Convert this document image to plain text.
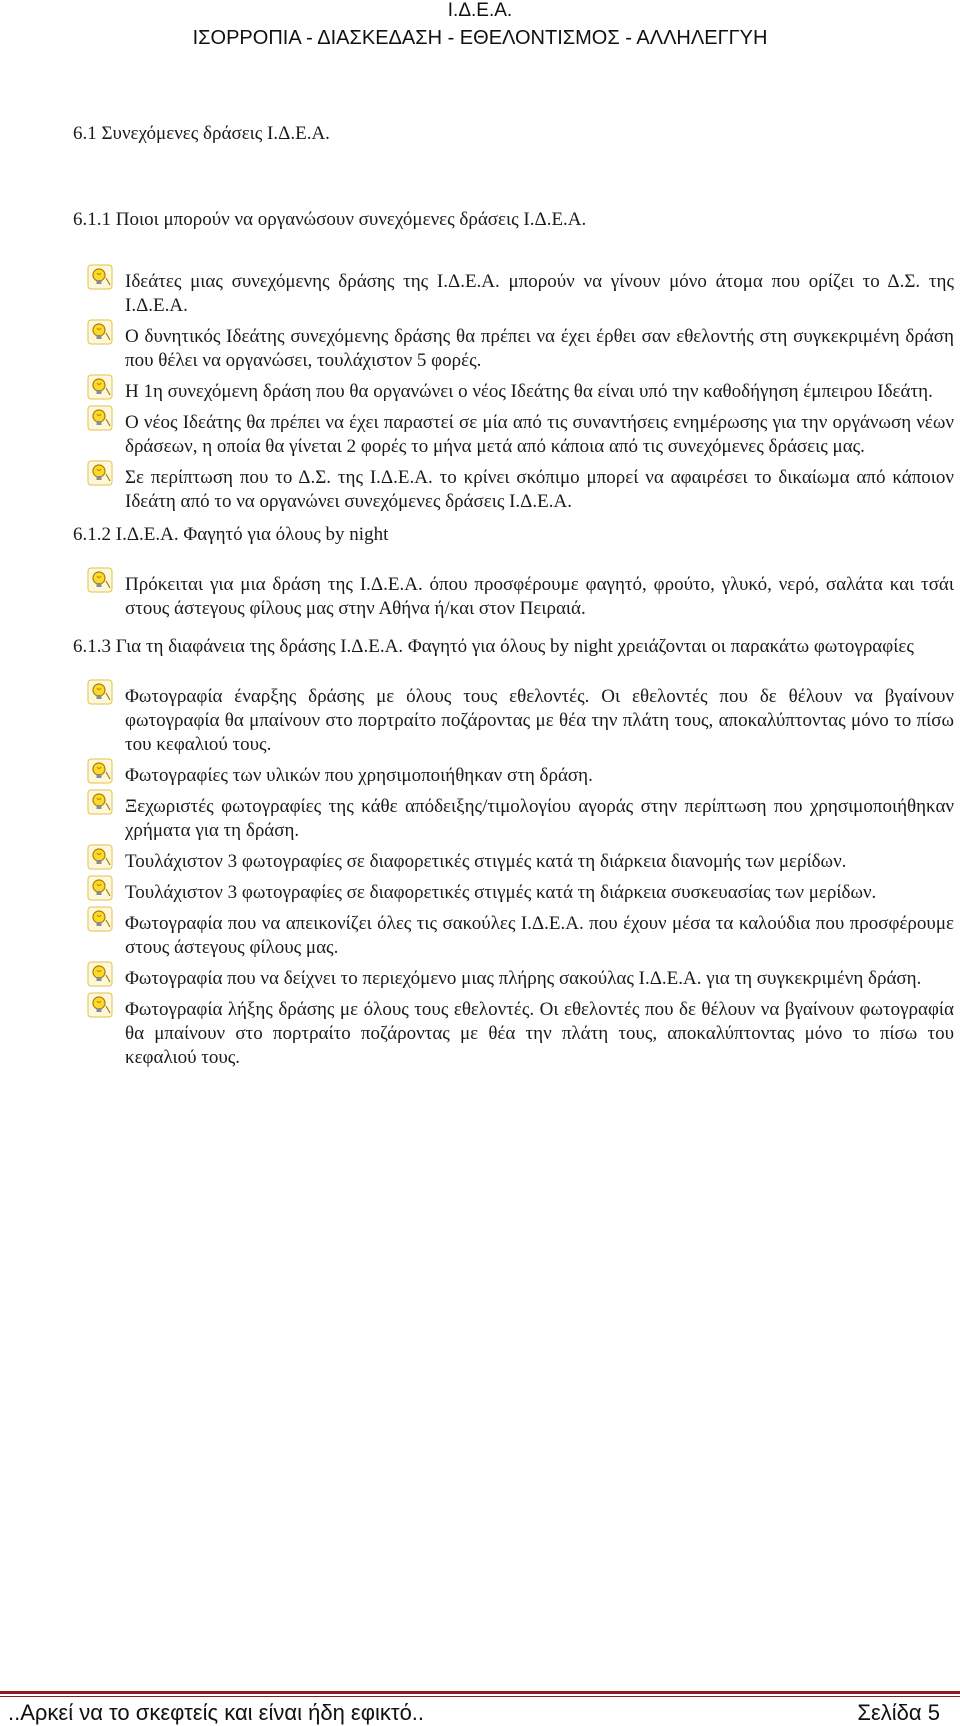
Ι.Δ.Ε.Α.
ΙΣΟΡΡΟΠΙΑ - ΔΙΑΣΚΕΔΑΣΗ - ΕΘΕΛΟΝΤΙΣΜΟΣ - ΑΛΛΗΛΕΓΓΥΗ
6.1 Συνεχόμενες δράσεις Ι.Δ.Ε.Α.
6.1.1 Ποιοι μπορούν να οργανώσουν συνεχόμενες δράσεις Ι.Δ.Ε.Α.
Ιδεάτες μιας συνεχόμενης δράσης της Ι.Δ.Ε.Α. μπορούν να γίνουν μόνο άτομα που ορίζει το Δ.Σ. της Ι.Δ.Ε.Α.
Ο δυνητικός Ιδεάτης συνεχόμενης δράσης θα πρέπει να έχει έρθει σαν εθελοντής στη συγκεκριμένη δράση που θέλει να οργανώσει, τουλάχιστον 5 φορές.
Η 1η συνεχόμενη δράση που θα οργανώνει ο νέος Ιδεάτης θα είναι υπό την καθοδήγηση έμπειρου Ιδεάτη.
Ο νέος Ιδεάτης θα πρέπει να έχει παραστεί σε μία από τις συναντήσεις ενημέρωσης για την οργάνωση νέων δράσεων, η οποία θα γίνεται 2 φορές το μήνα μετά από κάποια από τις συνεχόμενες δράσεις μας.
Σε περίπτωση που το Δ.Σ. της Ι.Δ.Ε.Α. το κρίνει σκόπιμο μπορεί να αφαιρέσει το δικαίωμα από κάποιον Ιδεάτη από το να οργανώνει συνεχόμενες δράσεις Ι.Δ.Ε.Α.
6.1.2 Ι.Δ.Ε.Α. Φαγητό για όλους by night
Πρόκειται για μια δράση της Ι.Δ.Ε.Α. όπου προσφέρουμε φαγητό, φρούτο, γλυκό, νερό, σαλάτα και τσάι στους άστεγους φίλους μας στην Αθήνα ή/και στον Πειραιά.
6.1.3 Για τη διαφάνεια της δράσης Ι.Δ.Ε.Α. Φαγητό για όλους by night χρειάζονται οι παρακάτω φωτογραφίες
Φωτογραφία έναρξης δράσης με όλους τους εθελοντές. Οι εθελοντές που δε θέλουν να βγαίνουν φωτογραφία θα μπαίνουν στο πορτραίτο ποζάροντας με θέα την πλάτη τους, αποκαλύπτοντας μόνο το πίσω του κεφαλιού τους.
Φωτογραφίες των υλικών που χρησιμοποιήθηκαν στη δράση.
Ξεχωριστές φωτογραφίες της κάθε απόδειξης/τιμολογίου αγοράς στην περίπτωση που χρησιμοποιήθηκαν χρήματα για τη δράση.
Τουλάχιστον 3 φωτογραφίες σε διαφορετικές στιγμές κατά τη διάρκεια διανομής των μερίδων.
Τουλάχιστον 3 φωτογραφίες σε διαφορετικές στιγμές κατά τη διάρκεια συσκευασίας των μερίδων.
Φωτογραφία που να απεικονίζει όλες τις σακούλες Ι.Δ.Ε.Α. που έχουν μέσα τα καλούδια που προσφέρουμε στους άστεγους φίλους μας.
Φωτογραφία που να δείχνει το περιεχόμενο μιας πλήρης σακούλας Ι.Δ.Ε.Α. για τη συγκεκριμένη δράση.
Φωτογραφία λήξης δράσης με όλους τους εθελοντές. Οι εθελοντές που δε θέλουν να βγαίνουν φωτογραφία θα μπαίνουν στο πορτραίτο ποζάροντας με θέα την πλάτη τους, αποκαλύπτοντας μόνο το πίσω του κεφαλιού τους.
..Αρκεί να το σκεφτείς και είναι ήδη εφικτό..	Σελίδα 5
